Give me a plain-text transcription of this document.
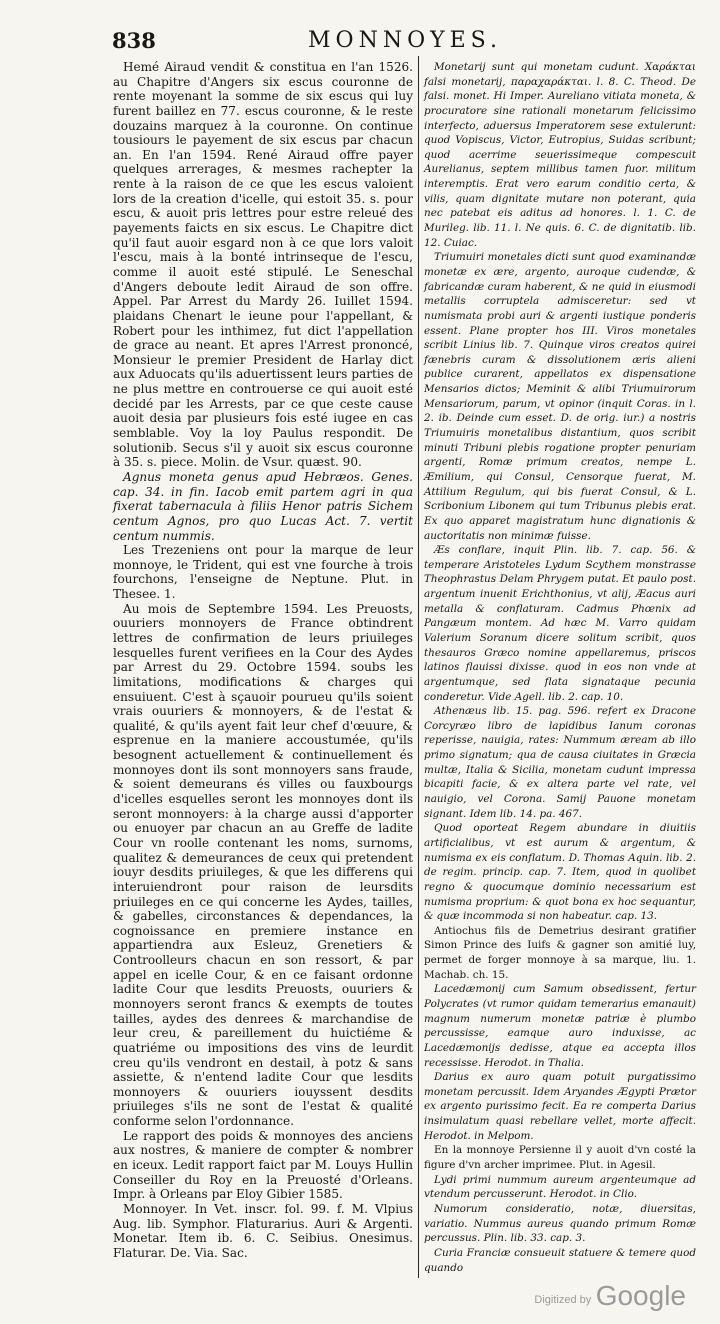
838	MONNOYES.

Hemé Airaud vendit & constitua en l'an 1526. au Chapitre d'Angers six escus couronne de rente moyenant la somme de six escus qui luy furent baillez en 77. escus couronne, & le reste douzains marquez à la couronne. On continue tousiours le payement de six escus par chacun an. En l'an 1594. René Airaud offre payer quelques arrerages, & mesmes rachepter la rente à la raison de ce que les escus valoient lors de la creation d'icelle, qui estoit 35. s. pour escu, & auoit pris lettres pour estre releué des payements faicts en six escus. Le Chapitre dict qu'il faut auoir esgard non à ce que lors valoit l'escu, mais à la bonté intrinseque de l'escu, comme il auoit esté stipulé. Le Seneschal d'Angers deboute ledit Airaud de son offre. Appel. Par Arrest du Mardy 26. Iuillet 1594. plaidans Chenart le ieune pour l'appellant, & Robert pour les inthimez, fut dict l'appellation de grace au neant. Et apres l'Arrest prononcé, Monsieur le premier President de Harlay dict aux Aduocats qu'ils aduertissent leurs parties de ne plus mettre en controuerse ce qui auoit esté decidé par les Arrests, par ce que ceste cause auoit desia par plusieurs fois esté iugee en cas semblable. Voy la loy Paulus respondit. De solutionib. Secus s'il y auoit six escus couronne à 35. s. piece. Molin. de Vsur. quæst. 90.

Agnus moneta genus apud Hebræos. Genes. cap. 34. in fin. Iacob emit partem agri in qua fixerat tabernacula à filiis Henor patris Sichem centum Agnos, pro quo Lucas Act. 7. vertit centum nummis.

Les Trezeniens ont pour la marque de leur monnoye, le Trident, qui est vne fourche à trois fourchons, l'enseigne de Neptune. Plut. in Thesee. 1.

Au mois de Septembre 1594. Les Preuosts, ouuriers monnoyers de France obtindrent lettres de confirmation de leurs priuileges lesquelles furent verifiees en la Cour des Aydes par Arrest du 29. Octobre 1594. soubs les limitations, modifications & charges qui ensuiuent. C'est à sçauoir pourueu qu'ils soient vrais ouuriers & monnoyers, & de l'estat & qualité, & qu'ils ayent fait leur chef d'œuure, & esprenue en la maniere accoustumée, qu'ils besognent actuellement & continuellement és monnoyes dont ils sont monnoyers sans fraude, & soient demeurans és villes ou fauxbourgs d'icelles esquelles seront les monnoyes dont ils seront monnoyers: à la charge aussi d'apporter ou enuoyer par chacun an au Greffe de ladite Cour vn roolle contenant les noms, surnoms, qualitez & demeurances de ceux qui pretendent iouyr desdits priuileges, & que les differens qui interuiendront pour raison de leursdits priuileges en ce qui concerne les Aydes, tailles, & gabelles, circonstances & dependances, la cognoissance en premiere instance en appartiendra aux Esleuz, Grenetiers & Controolleurs chacun en son ressort, & par appel en icelle Cour, & en ce faisant ordonne ladite Cour que lesdits Preuosts, ouuriers & monnoyers seront francs & exempts de toutes tailles, aydes des denrees & marchandise de leur creu, & pareillement du huictiéme & quatriéme ou impositions des vins de leurdit creu qu'ils vendront en destail, à potz & sans assiette, & n'entend ladite Cour que lesdits monnoyers & ouuriers iouyssent desdits priuileges s'ils ne sont de l'estat & qualité conforme selon l'ordonnance.

Le rapport des poids & monnoyes des anciens aux nostres, & maniere de compter & nombrer en iceux. Ledit rapport faict par M. Louys Hullin Conseiller du Roy en la Preuosté d'Orleans. Impr. à Orleans par Eloy Gibier 1585.

Monnoyer. In Vet. inscr. fol. 99. f. M. Vlpius Aug. lib. Symphor. Flaturarius. Auri & Argenti. Monetar. Item ib. 6. C. Seibius. Onesimus. Flaturar. De. Via. Sac.

Monetarij sunt qui monetam cudunt. Χαράκται falsi monetarij, παραχαράκται. l. 8. C. Theod. De falsi. monet. Hi Imper. Aureliano vitiata moneta, & procuratore sine rationali monetarum felicissimo interfecto, aduersus Imperatorem sese extulerunt: quod Vopiscus, Victor, Eutropius, Suidas scribunt; quod acerrime seuerissimeque compescuit Aurelianus, septem millibus tamen fuor. militum interemptis. Erat vero earum conditio certa, & vilis, quam dignitate mutare non poterant, quia nec patebat eis aditus ad honores. l. 1. C. de Murileg. lib. 11. l. Ne quis. 6. C. de dignitatib. lib. 12. Cuiac.

Triumuiri monetales dicti sunt quod examinandæ monetæ ex ære, argento, auroque cudendæ, & fabricandæ curam haberent, & ne quid in eiusmodi metallis corruptela admisceretur: sed vt numismata probi auri & argenti iustique ponderis essent. Plane propter hos III. Viros monetales scribit Linius lib. 7. Quinque viros creatos quirei fænebris curam & dissolutionem æris alieni publice curarent, appellatos ex dispensatione Mensarios dictos; Meminit & alibi Triumuirorum Mensariorum, parum, vt opinor (inquit Coras. in l. 2. ib. Deinde cum esset. D. de orig. iur.) a nostris Triumuiris monetalibus distantium, quos scribit minuti Tribuni plebis rogatione propter penuriam argenti, Romæ primum creatos, nempe L. Æmilium, qui Consul, Censorque fuerat, M. Attilium Regulum, qui bis fuerat Consul, & L. Scribonium Libonem qui tum Tribunus plebis erat. Ex quo apparet magistratum hunc dignationis & auctoritatis non minimæ fuisse.

Æs conflare, inquit Plin. lib. 7. cap. 56. & temperare Aristoteles Lydum Scythem monstrasse Theophrastus Delam Phrygem putat. Et paulo post. argentum inuenit Erichthonius, vt alij, Æacus auri metalla & conflaturam. Cadmus Phœnix ad Pangæum montem. Ad hæc M. Varro quidam Valerium Soranum dicere solitum scribit, quos thesauros Græco nomine appellaremus, priscos latinos flauissi dixisse. quod in eos non vnde at argentumque, sed flata signataque pecunia conderetur. Vide Agell. lib. 2. cap. 10.

Athenæus lib. 15. pag. 596. refert ex Dracone Corcyræo libro de lapidibus Ianum coronas reperisse, nauigia, rates: Nummum æream ab illo primo signatum; qua de causa ciuitates in Græcia multæ, Italia & Sicilia, monetam cudunt impressa bicapiti facie, & ex altera parte vel rate, vel nauigio, vel Corona. Samij Pauone monetam signant. Idem lib. 14. pa. 467.

Quod oporteat Regem abundare in diuitiis artificialibus, vt est aurum & argentum, & numisma ex eis conflatum. D. Thomas Aquin. lib. 2. de regim. princip. cap. 7. Item, quod in quolibet regno & quocumque dominio necessarium est numisma proprium: & quot bona ex hoc sequantur, & quæ incommoda si non habeatur. cap. 13.

Antiochus fils de Demetrius desirant gratifier Simon Prince des Iuifs & gagner son amitié luy, permet de forger monnoye à sa marque, liu. 1. Machab. ch. 15.

Lacedæmonij cum Samum obsedissent, fertur Polycrates (vt rumor quidam temerarius emanauit) magnum numerum monetæ patriæ è plumbo percussisse, eamque auro induxisse, ac Lacedæmonijs dedisse, atque ea accepta illos recessisse. Herodot. in Thalia.

Darius ex auro quam potuit purgatissimo monetam percussit. Idem Aryandes Ægypti Prætor ex argento purissimo fecit. Ea re comperta Darius insimulatum quasi rebellare vellet, morte affecit. Herodot. in Melpom.

En la monnoye Persienne il y auoit d'vn costé la figure d'vn archer imprimee. Plut. in Agesil.

Lydi primi nummum aureum argenteumque ad vtendum percusserunt. Herodot. in Clio.

Numorum consideratio, notæ, diuersitas, variatio. Nummus aureus quando primum Romæ percussus. Plin. lib. 33. cap. 3.

Curia Franciæ consueuit statuere & temere quod quando

Digitized by Google
